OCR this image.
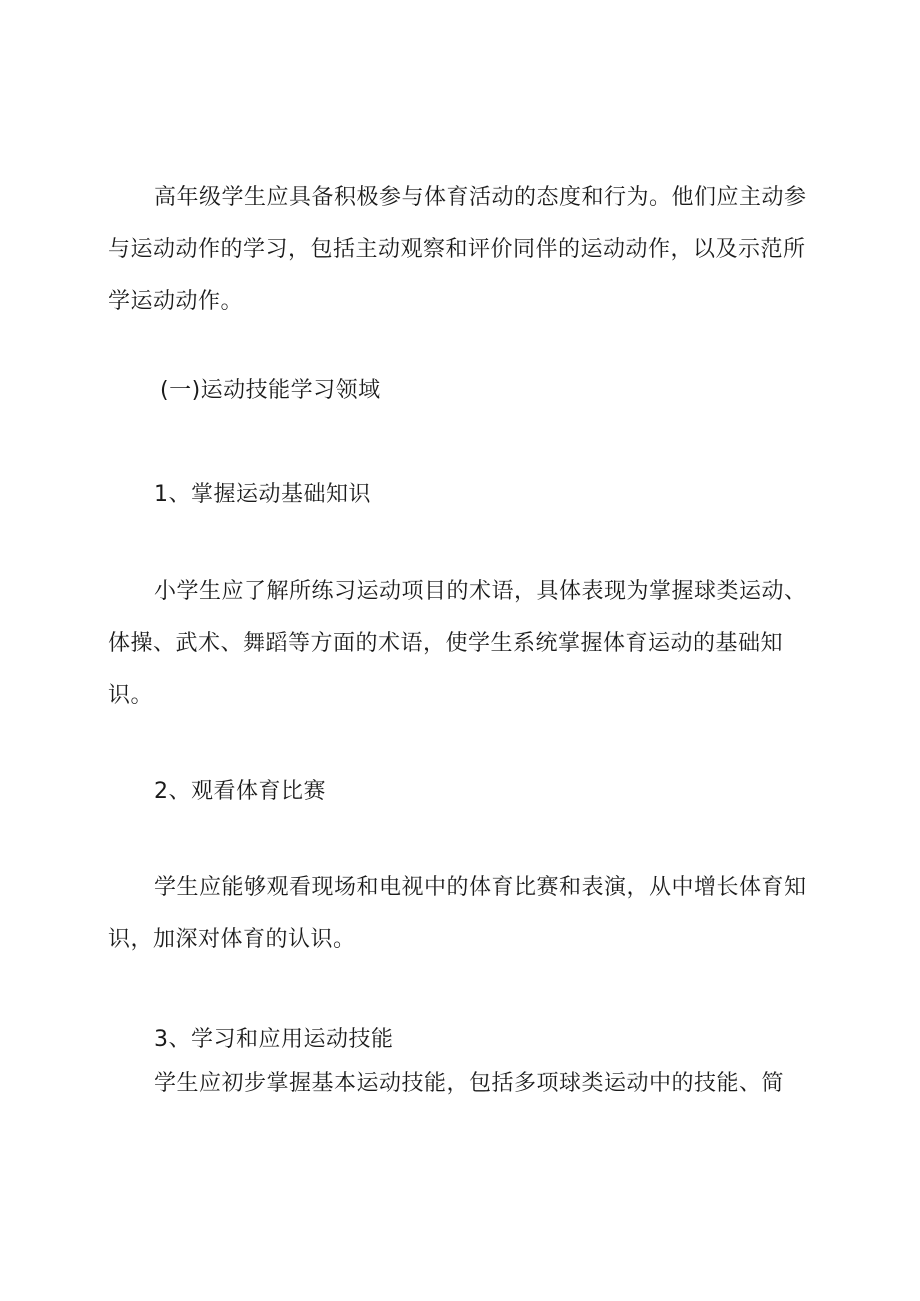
高年级学生应具备积极参与体育活动的态度和行为。他们应主动参与运动动作的学习，包括主动观察和评价同伴的运动动作，以及示范所学运动动作。

(一)运动技能学习领域

1、掌握运动基础知识

小学生应了解所练习运动项目的术语，具体表现为掌握球类运动、体操、武术、舞蹈等方面的术语，使学生系统掌握体育运动的基础知识。

2、观看体育比赛

学生应能够观看现场和电视中的体育比赛和表演，从中增长体育知识，加深对体育的认识。

3、学习和应用运动技能

学生应初步掌握基本运动技能，包括多项球类运动中的技能、简
